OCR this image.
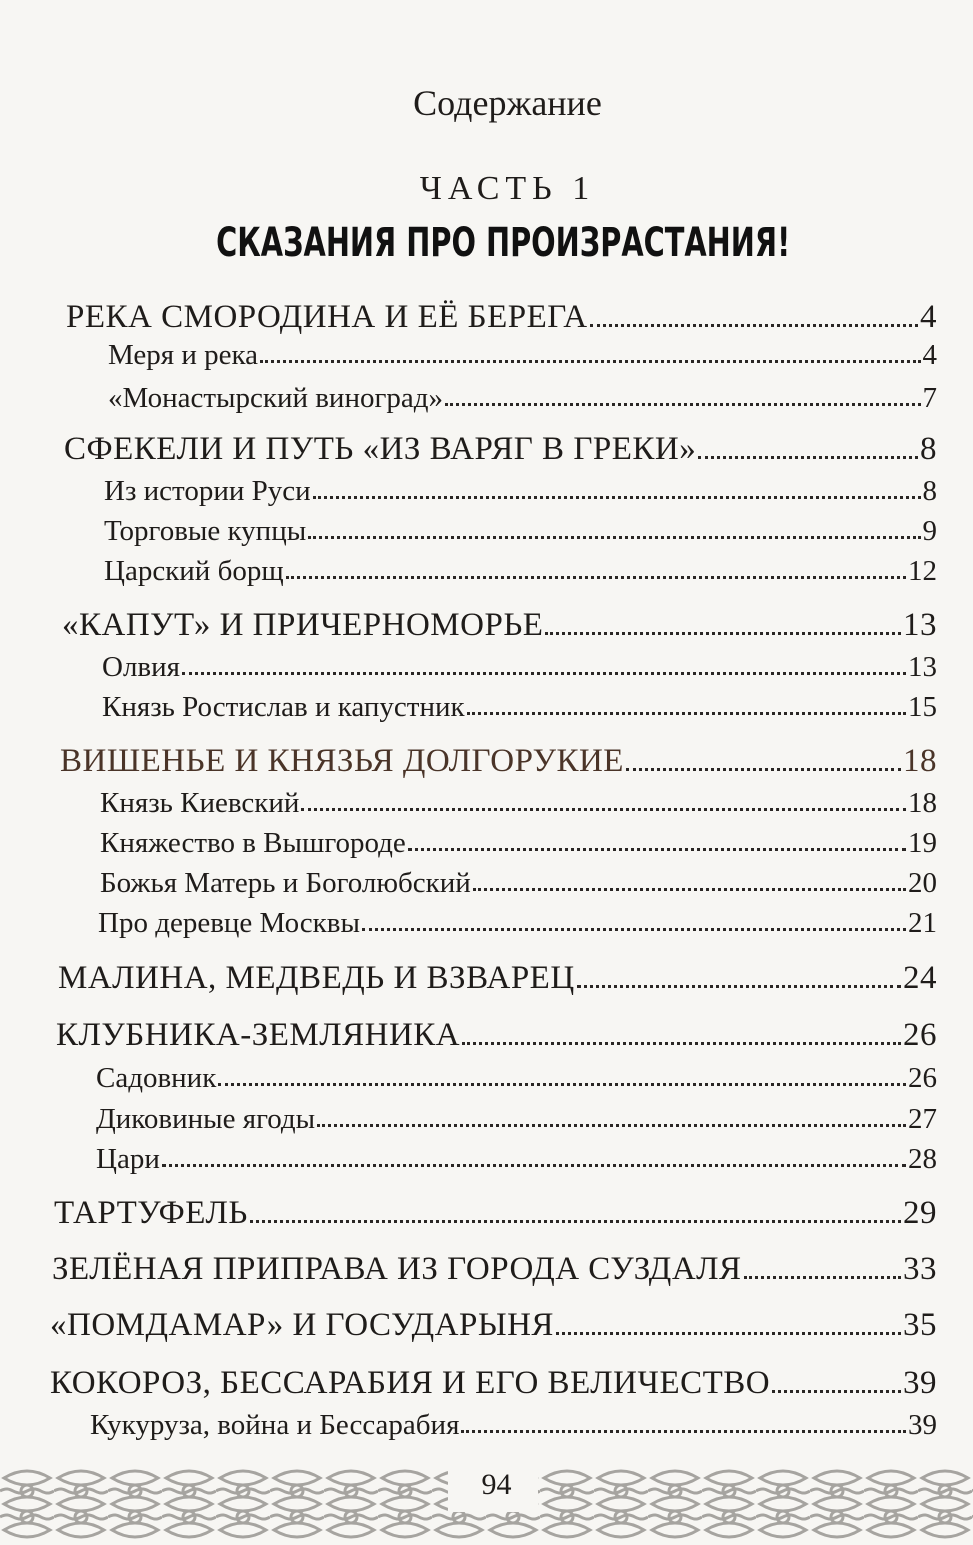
Содержание
ЧАСТЬ 1
СКАЗАНИЯ ПРО ПРОИЗРАСТАНИЯ!
РЕКА СМОРОДИНА И ЕЁ БЕРЕГА	4
Меря и река	4
«Монастырский виноград»	7
СФЕКЕЛИ И ПУТЬ «ИЗ ВАРЯГ В ГРЕКИ»	8
Из истории Руси	8
Торговые купцы	9
Царский борщ	12
«КАПУТ» И ПРИЧЕРНОМОРЬЕ	13
Олвия	13
Князь Ростислав и капустник	15
ВИШЕНЬЕ И КНЯЗЬЯ ДОЛГОРУКИЕ	18
Князь Киевский	18
Княжество в Вышгороде	19
Божья Матерь и Боголюбский	20
Про деревце Москвы	21
МАЛИНА, МЕДВЕДЬ И ВЗВАРЕЦ	24
КЛУБНИКА-ЗЕМЛЯНИКА	26
Садовник	26
Диковиные ягоды	27
Цари	28
ТАРТУФЕЛЬ	29
ЗЕЛЁНАЯ ПРИПРАВА ИЗ ГОРОДА СУЗДАЛЯ	33
«ПОМДАМАР» И ГОСУДАРЫНЯ	35
КОКОРОЗ, БЕССАРАБИЯ И ЕГО ВЕЛИЧЕСТВО	39
Кукуруза, война и Бессарабия	39
94
